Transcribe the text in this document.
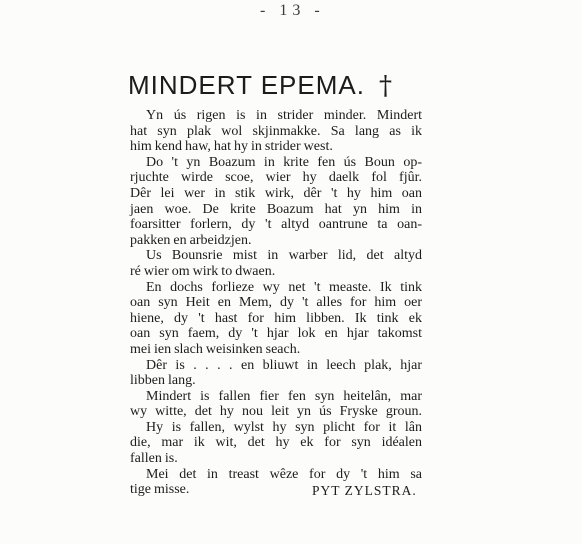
- 13 -
MINDERT EPEMA. †
Yn ús rigen is in strider minder. Mindert
hat syn plak wol skjinmakke. Sa lang as ik
him kend haw, hat hy in strider west.
Do 't yn Boazum in krite fen ús Boun op-
rjuchte wirde scoe, wier hy daelk fol fjûr.
Dêr lei wer in stik wirk, dêr 't hy him oan
jaen woe. De krite Boazum hat yn him in
foarsitter forlern, dy 't altyd oantrune ta oan-
pakken en arbeidzjen.
Us Bounsrie mist in warber lid, det altyd
ré wier om wirk to dwaen.
En dochs forlieze wy net 't measte. Ik tink
oan syn Heit en Mem, dy 't alles for him oer
hiene, dy 't hast for him libben. Ik tink ek
oan syn faem, dy 't hjar lok en hjar takomst
mei ien slach weisinken seach.
Dêr is . . . . en bliuwt in leech plak, hjar
libben lang.
Mindert is fallen fier fen syn heitelân, mar
wy witte, det hy nou leit yn ús Fryske groun.
Hy is fallen, wylst hy syn plicht for it lân
die, mar ik wit, det hy ek for syn idéalen
fallen is.
Mei det in treast wêze for dy 't him sa
tige misse.	PYT ZYLSTRA.
